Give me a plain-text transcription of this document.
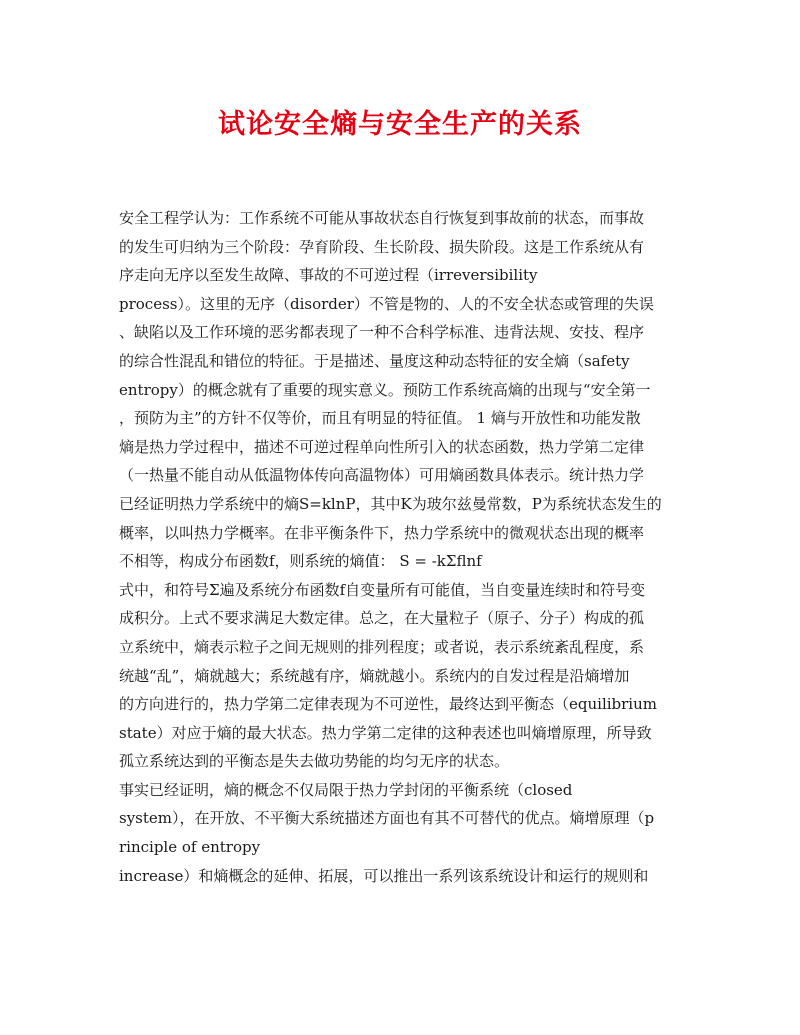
试论安全熵与安全生产的关系
安全工程学认为：工作系统不可能从事故状态自行恢复到事故前的状态，而事故
的发生可归纳为三个阶段：孕育阶段、生长阶段、损失阶段。这是工作系统从有
序走向无序以至发生故障、事故的不可逆过程（irreversibility
process）。这里的无序（disorder）不管是物的、人的不安全状态或管理的失误
、缺陷以及工作环境的恶劣都表现了一种不合科学标准、违背法规、安技、程序
的综合性混乱和错位的特征。于是描述、量度这种动态特征的安全熵（safety
entropy）的概念就有了重要的现实意义。预防工作系统高熵的出现与“安全第一
，预防为主”的方针不仅等价，而且有明显的特征值。 1 熵与开放性和功能发散
熵是热力学过程中，描述不可逆过程单向性所引入的状态函数，热力学第二定律
（一热量不能自动从低温物体传向高温物体）可用熵函数具体表示。统计热力学
已经证明热力学系统中的熵S=klnP，其中K为玻尔兹曼常数，P为系统状态发生的
概率，以叫热力学概率。在非平衡条件下，热力学系统中的微观状态出现的概率
不相等，构成分布函数f，则系统的熵值： S = -kΣflnf
式中，和符号Σ遍及系统分布函数f自变量所有可能值，当自变量连续时和符号变
成积分。上式不要求满足大数定律。总之，在大量粒子（原子、分子）构成的孤
立系统中，熵表示粒子之间无规则的排列程度；或者说，表示系统紊乱程度，系
统越“乱”，熵就越大；系统越有序，熵就越小。系统内的自发过程是沿熵增加
的方向进行的，热力学第二定律表现为不可逆性，最终达到平衡态（equilibrium
state）对应于熵的最大状态。热力学第二定律的这种表述也叫熵增原理，所导致
孤立系统达到的平衡态是失去做功势能的均匀无序的状态。
事实已经证明，熵的概念不仅局限于热力学封闭的平衡系统（closed
system），在开放、不平衡大系统描述方面也有其不可替代的优点。熵增原理（p
rinciple of entropy
increase）和熵概念的延伸、拓展，可以推出一系列该系统设计和运行的规则和
